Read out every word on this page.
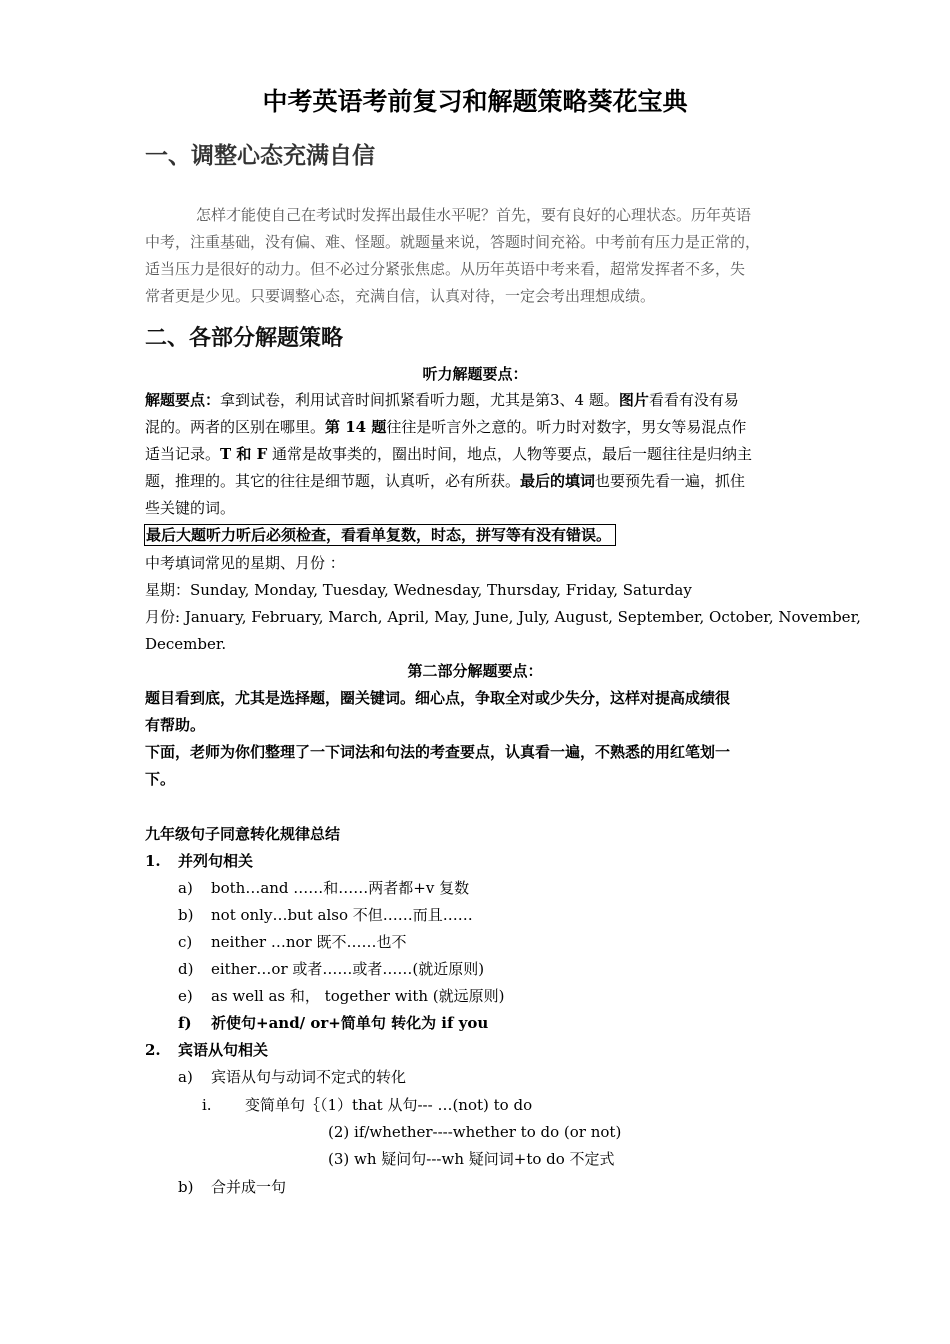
中考英语考前复习和解题策略葵花宝典
一、调整心态充满自信
怎样才能使自己在考试时发挥出最佳水平呢？首先，要有良好的心理状态。历年英语
中考，注重基础，没有偏、难、怪题。就题量来说，答题时间充裕。中考前有压力是正常的，
适当压力是很好的动力。但不必过分紧张焦虑。从历年英语中考来看，超常发挥者不多，失
常者更是少见。只要调整心态，充满自信，认真对待，一定会考出理想成绩。
二、各部分解题策略
听力解题要点：
解题要点：拿到试卷，利用试音时间抓紧看听力题，尤其是第3、4 题。图片看看有没有易
混的。两者的区别在哪里。第 14 题往往是听言外之意的。听力时对数字，男女等易混点作
适当记录。T 和 F 通常是故事类的，圈出时间，地点，人物等要点，最后一题往往是归纳主
题，推理的。其它的往往是细节题，认真听，必有所获。最后的填词也要预先看一遍，抓住
些关键的词。
最后大题听力听后必须检查，看看单复数，时态，拼写等有没有错误。
中考填词常见的星期、月份 ：
星期：Sunday, Monday, Tuesday, Wednesday, Thursday, Friday, Saturday
月份: January, February, March, April, May, June, July, August, September, October, November,
December.
第二部分解题要点：
题目看到底，尤其是选择题，圈关键词。细心点，争取全对或少失分，这样对提高成绩很
有帮助。
下面，老师为你们整理了一下词法和句法的考查要点，认真看一遍，不熟悉的用红笔划一
下。
九年级句子同意转化规律总结
1. 并列句相关
a) both…and ……和……两者都+v 复数
b) not only…but also 不但……而且……
c) neither …nor 既不……也不
d) either…or 或者……或者……(就近原则)
e) as well as 和， together with (就远原则)
f) 祈使句+and/ or+简单句 转化为 if you
2. 宾语从句相关
a) 宾语从句与动词不定式的转化
i. 变简单句｛（1）that 从句--- …(not) to do
(2) if/whether----whether to do (or not)
(3) wh 疑问句---wh 疑问词+to do 不定式
b) 合并成一句
